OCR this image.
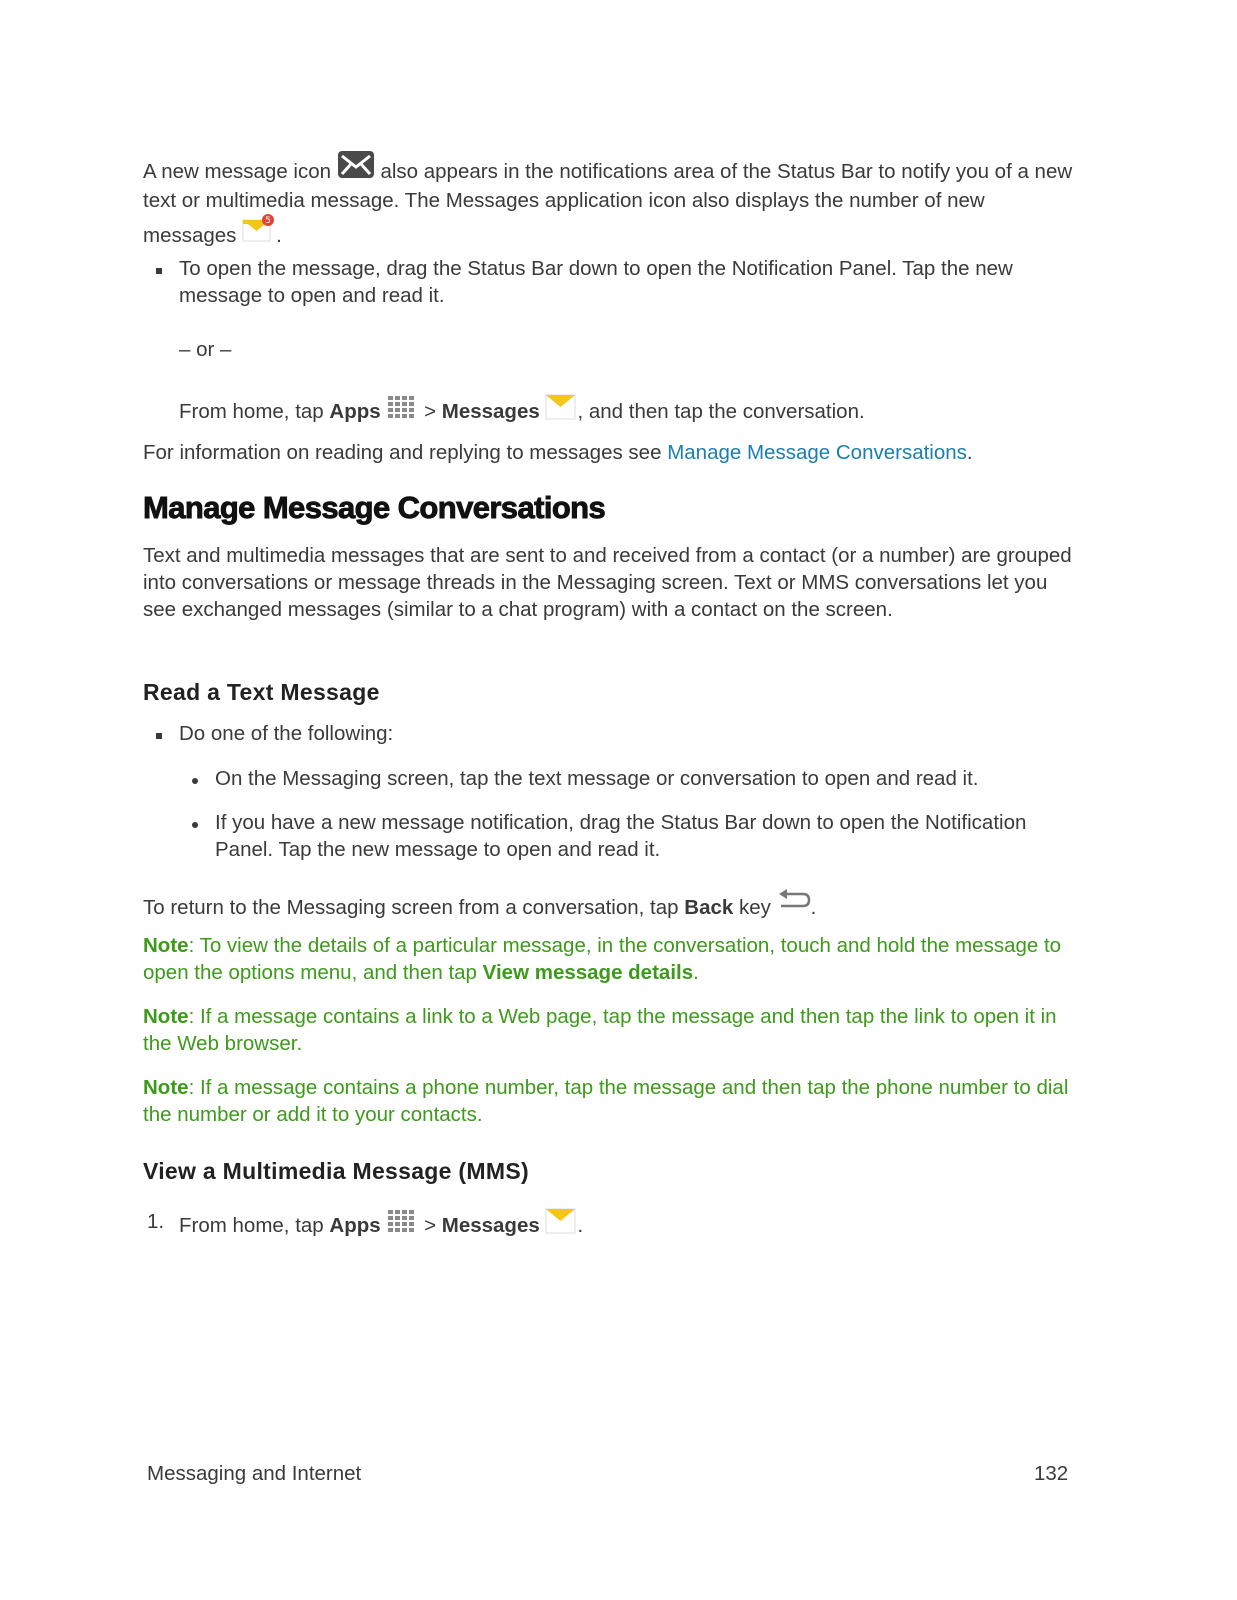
A new message icon also appears in the notifications area of the Status Bar to notify you of a new text or multimedia message. The Messages application icon also displays the number of new messages
5
.

To open the message, drag the Status Bar down to open the Notification Panel. Tap the new message to open and read it.

– or –

From home, tap Apps > Messages , and then tap the conversation.

For information on reading and replying to messages see Manage Message Conversations.

Manage Message Conversations

Text and multimedia messages that are sent to and received from a contact (or a number) are grouped into conversations or message threads in the Messaging screen. Text or MMS conversations let you see exchanged messages (similar to a chat program) with a contact on the screen.

Read a Text Message

Do one of the following:

On the Messaging screen, tap the text message or conversation to open and read it.

If you have a new message notification, drag the Status Bar down to open the Notification Panel. Tap the new message to open and read it.

To return to the Messaging screen from a conversation, tap Back key .

Note: To view the details of a particular message, in the conversation, touch and hold the message to open the options menu, and then tap View message details.

Note: If a message contains a link to a Web page, tap the message and then tap the link to open it in the Web browser.

Note: If a message contains a phone number, tap the message and then tap the phone number to dial the number or add it to your contacts.

View a Multimedia Message (MMS)
1. From home, tap Apps > Messages .

Messaging and Internet	132
